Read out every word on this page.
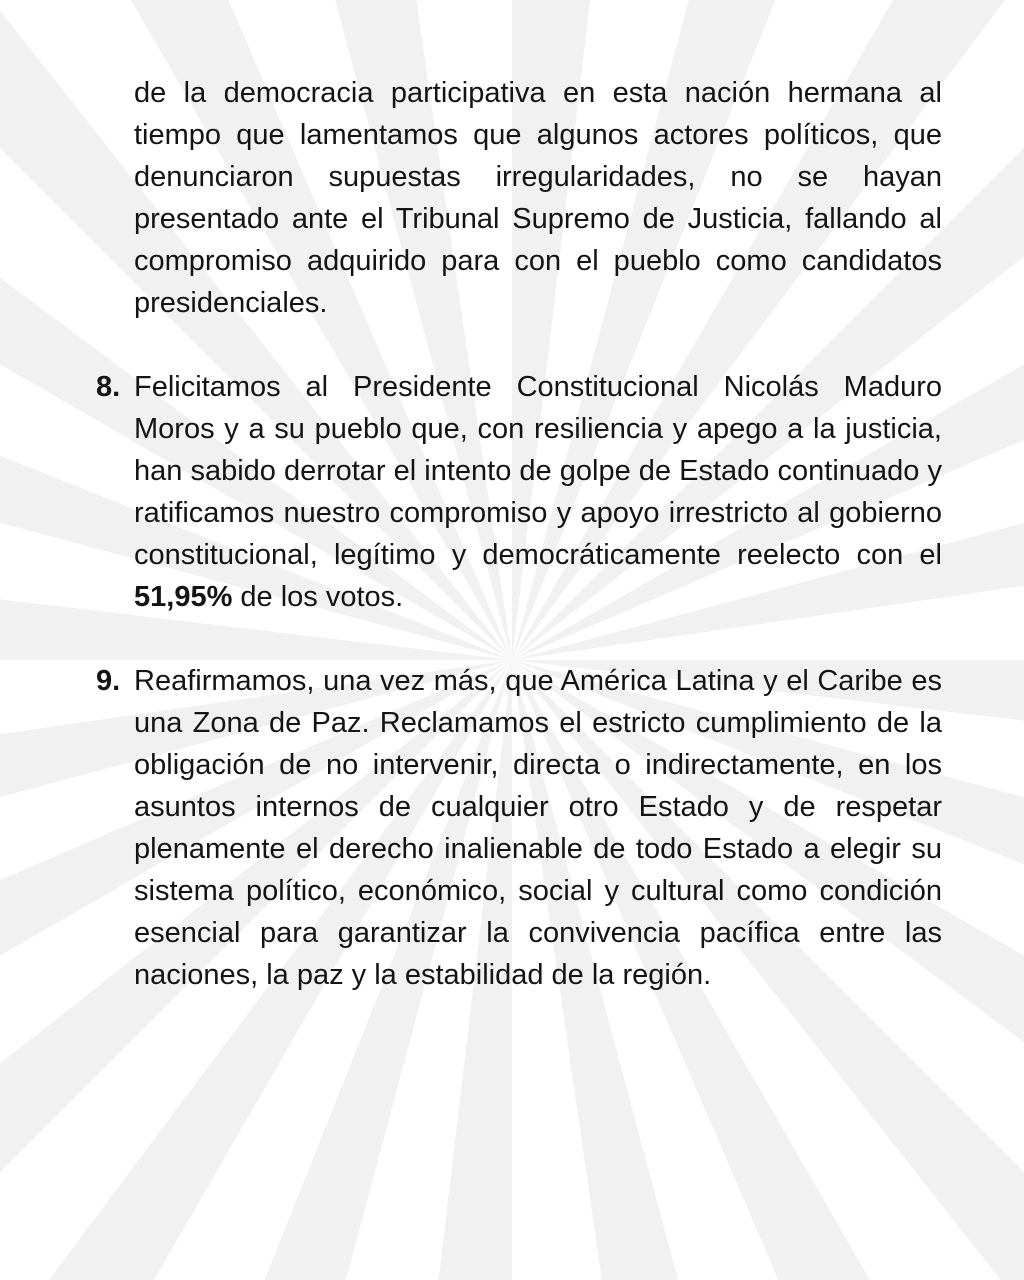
de la democracia participativa en esta nación hermana al tiempo que lamentamos que algunos actores políticos, que denunciaron supuestas irregularidades, no se hayan presentado ante el Tribunal Supremo de Justicia, fallando al compromiso adquirido para con el pueblo como candidatos presidenciales.

8. Felicitamos al Presidente Constitucional Nicolás Maduro Moros y a su pueblo que, con resiliencia y apego a la justicia, han sabido derrotar el intento de golpe de Estado continuado y ratificamos nuestro compromiso y apoyo irrestricto al gobierno constitucional, legítimo y democráticamente reelecto con el 51,95% de los votos.

9. Reafirmamos, una vez más, que América Latina y el Caribe es una Zona de Paz. Reclamamos el estricto cumplimiento de la obligación de no intervenir, directa o indirectamente, en los asuntos internos de cualquier otro Estado y de respetar plenamente el derecho inalienable de todo Estado a elegir su sistema político, económico, social y cultural como condición esencial para garantizar la convivencia pacífica entre las naciones, la paz y la estabilidad de la región.
